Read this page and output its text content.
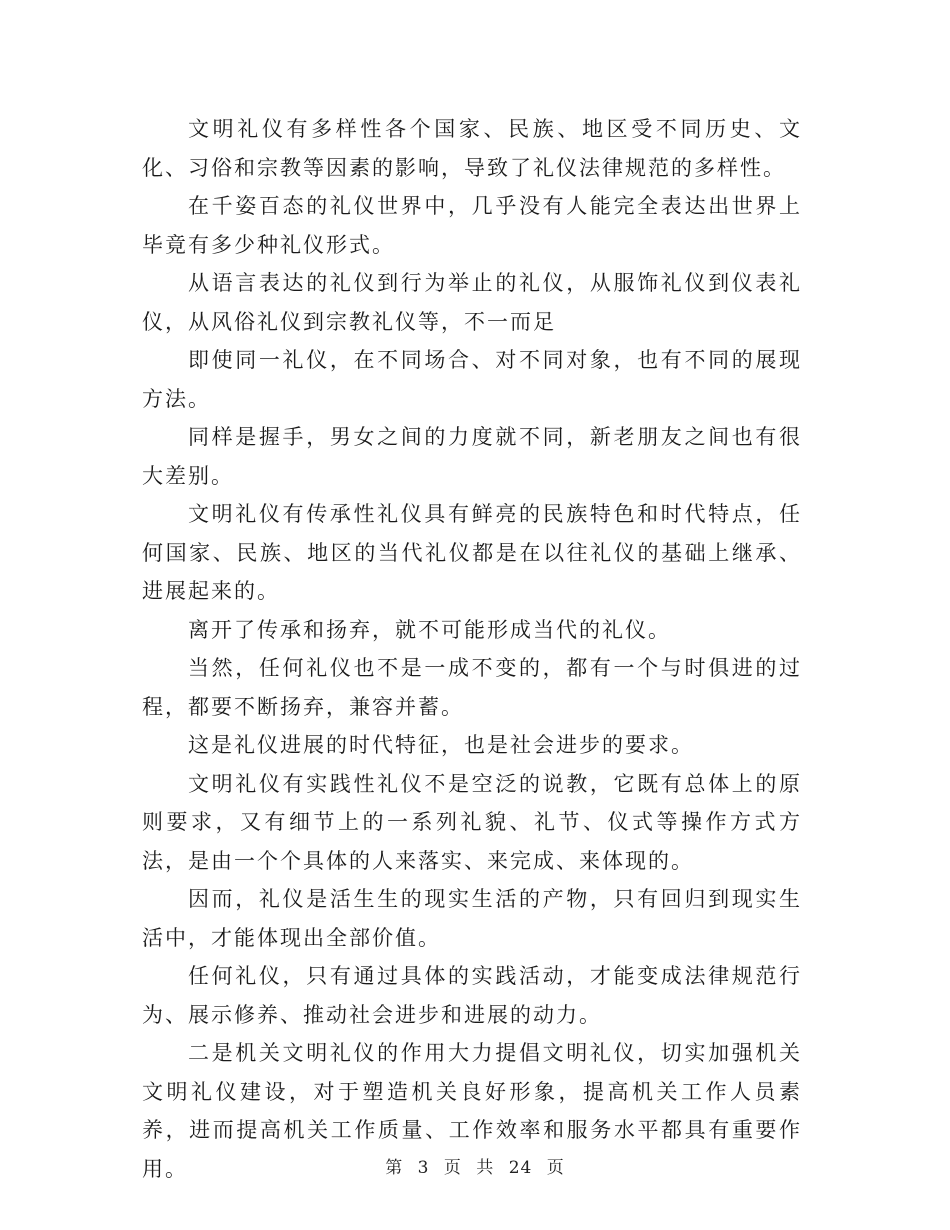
文明礼仪有多样性各个国家、民族、地区受不同历史、文化、习俗和宗教等因素的影响，导致了礼仪法律规范的多样性。

在千姿百态的礼仪世界中，几乎没有人能完全表达出世界上毕竟有多少种礼仪形式。

从语言表达的礼仪到行为举止的礼仪，从服饰礼仪到仪表礼仪，从风俗礼仪到宗教礼仪等，不一而足

即使同一礼仪，在不同场合、对不同对象，也有不同的展现方法。

同样是握手，男女之间的力度就不同，新老朋友之间也有很大差别。

文明礼仪有传承性礼仪具有鲜亮的民族特色和时代特点，任何国家、民族、地区的当代礼仪都是在以往礼仪的基础上继承、进展起来的。

离开了传承和扬弃，就不可能形成当代的礼仪。

当然，任何礼仪也不是一成不变的，都有一个与时俱进的过程，都要不断扬弃，兼容并蓄。

这是礼仪进展的时代特征，也是社会进步的要求。

文明礼仪有实践性礼仪不是空泛的说教，它既有总体上的原则要求，又有细节上的一系列礼貌、礼节、仪式等操作方式方法，是由一个个具体的人来落实、来完成、来体现的。

因而，礼仪是活生生的现实生活的产物，只有回归到现实生活中，才能体现出全部价值。

任何礼仪，只有通过具体的实践活动，才能变成法律规范行为、展示修养、推动社会进步和进展的动力。

二是机关文明礼仪的作用大力提倡文明礼仪，切实加强机关文明礼仪建设，对于塑造机关良好形象，提高机关工作人员素养，进而提高机关工作质量、工作效率和服务水平都具有重要作用。	第 3 页 共 24 页
